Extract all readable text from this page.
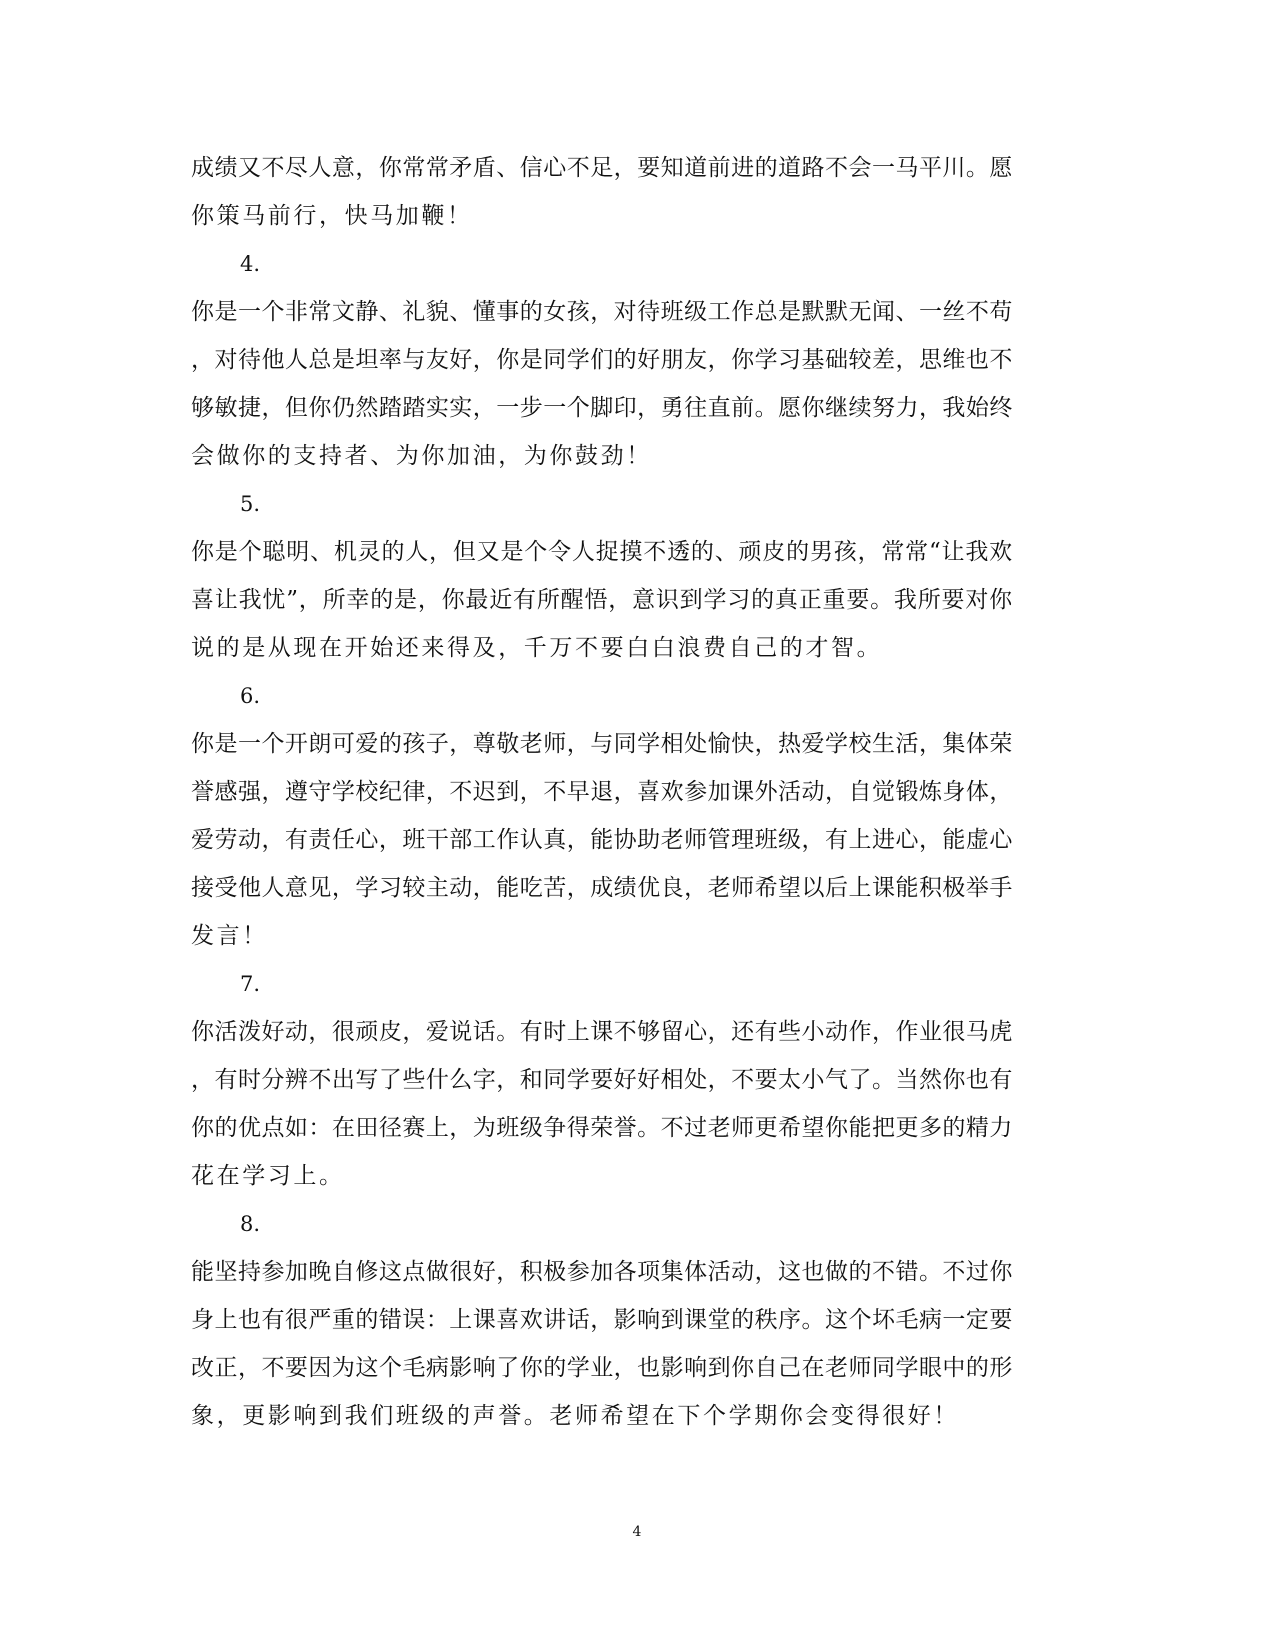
成绩又不尽人意，你常常矛盾、信心不足，要知道前进的道路不会一马平川。愿
你策马前行，快马加鞭！
4.
你是一个非常文静、礼貌、懂事的女孩，对待班级工作总是默默无闻、一丝不苟
，对待他人总是坦率与友好，你是同学们的好朋友，你学习基础较差，思维也不
够敏捷，但你仍然踏踏实实，一步一个脚印，勇往直前。愿你继续努力，我始终
会做你的支持者、为你加油，为你鼓劲！
5.
你是个聪明、机灵的人，但又是个令人捉摸不透的、顽皮的男孩，常常“让我欢
喜让我忧”，所幸的是，你最近有所醒悟，意识到学习的真正重要。我所要对你
说的是从现在开始还来得及，千万不要白白浪费自己的才智。
6.
你是一个开朗可爱的孩子，尊敬老师，与同学相处愉快，热爱学校生活，集体荣
誉感强，遵守学校纪律，不迟到，不早退，喜欢参加课外活动，自觉锻炼身体，
爱劳动，有责任心，班干部工作认真，能协助老师管理班级，有上进心，能虚心
接受他人意见，学习较主动，能吃苦，成绩优良，老师希望以后上课能积极举手
发言！
7.
你活泼好动，很顽皮，爱说话。有时上课不够留心，还有些小动作，作业很马虎
，有时分辨不出写了些什么字，和同学要好好相处，不要太小气了。当然你也有
你的优点如：在田径赛上，为班级争得荣誉。不过老师更希望你能把更多的精力
花在学习上。
8.
能坚持参加晚自修这点做很好，积极参加各项集体活动，这也做的不错。不过你
身上也有很严重的错误：上课喜欢讲话，影响到课堂的秩序。这个坏毛病一定要
改正，不要因为这个毛病影响了你的学业，也影响到你自己在老师同学眼中的形
象，更影响到我们班级的声誉。老师希望在下个学期你会变得很好！
4
